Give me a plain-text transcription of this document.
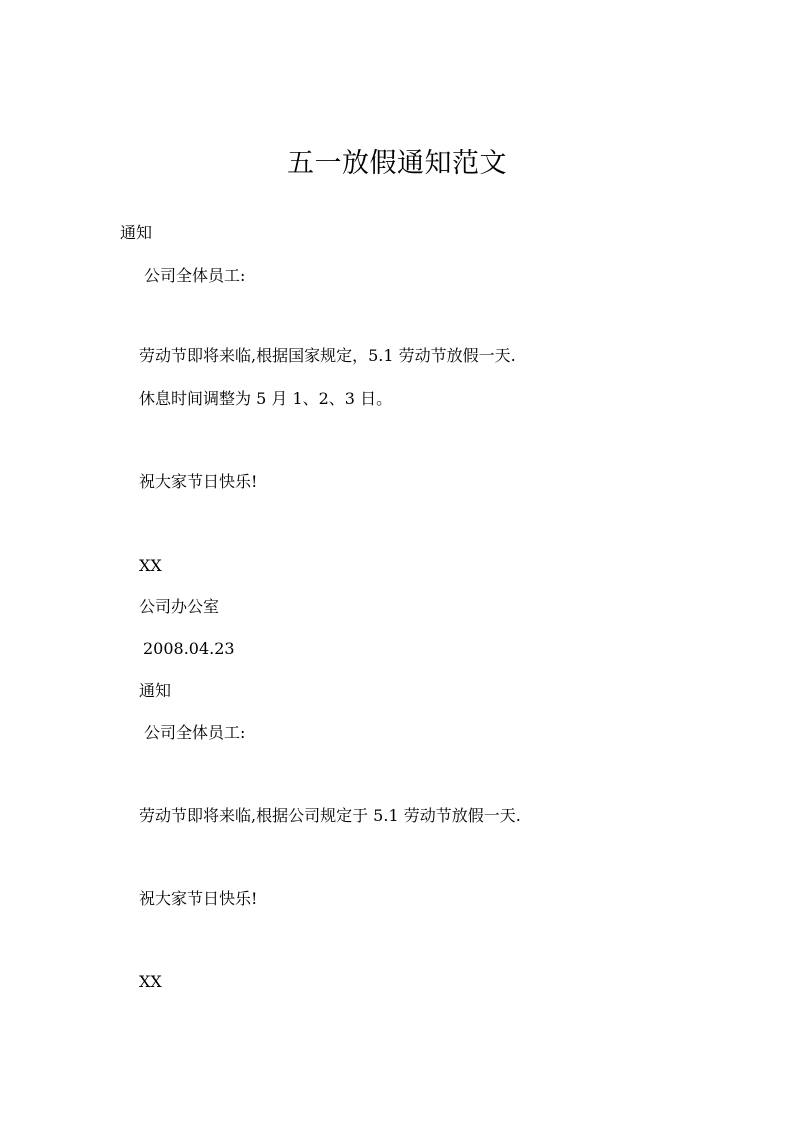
五一放假通知范文
通知
公司全体员工:
劳动节即将来临,根据国家规定，5.1 劳动节放假一天.
休息时间调整为 5 月 1、2、3 日。
祝大家节日快乐!
XX
公司办公室
2008.04.23
通知
公司全体员工:
劳动节即将来临,根据公司规定于 5.1 劳动节放假一天.
祝大家节日快乐!
XX
